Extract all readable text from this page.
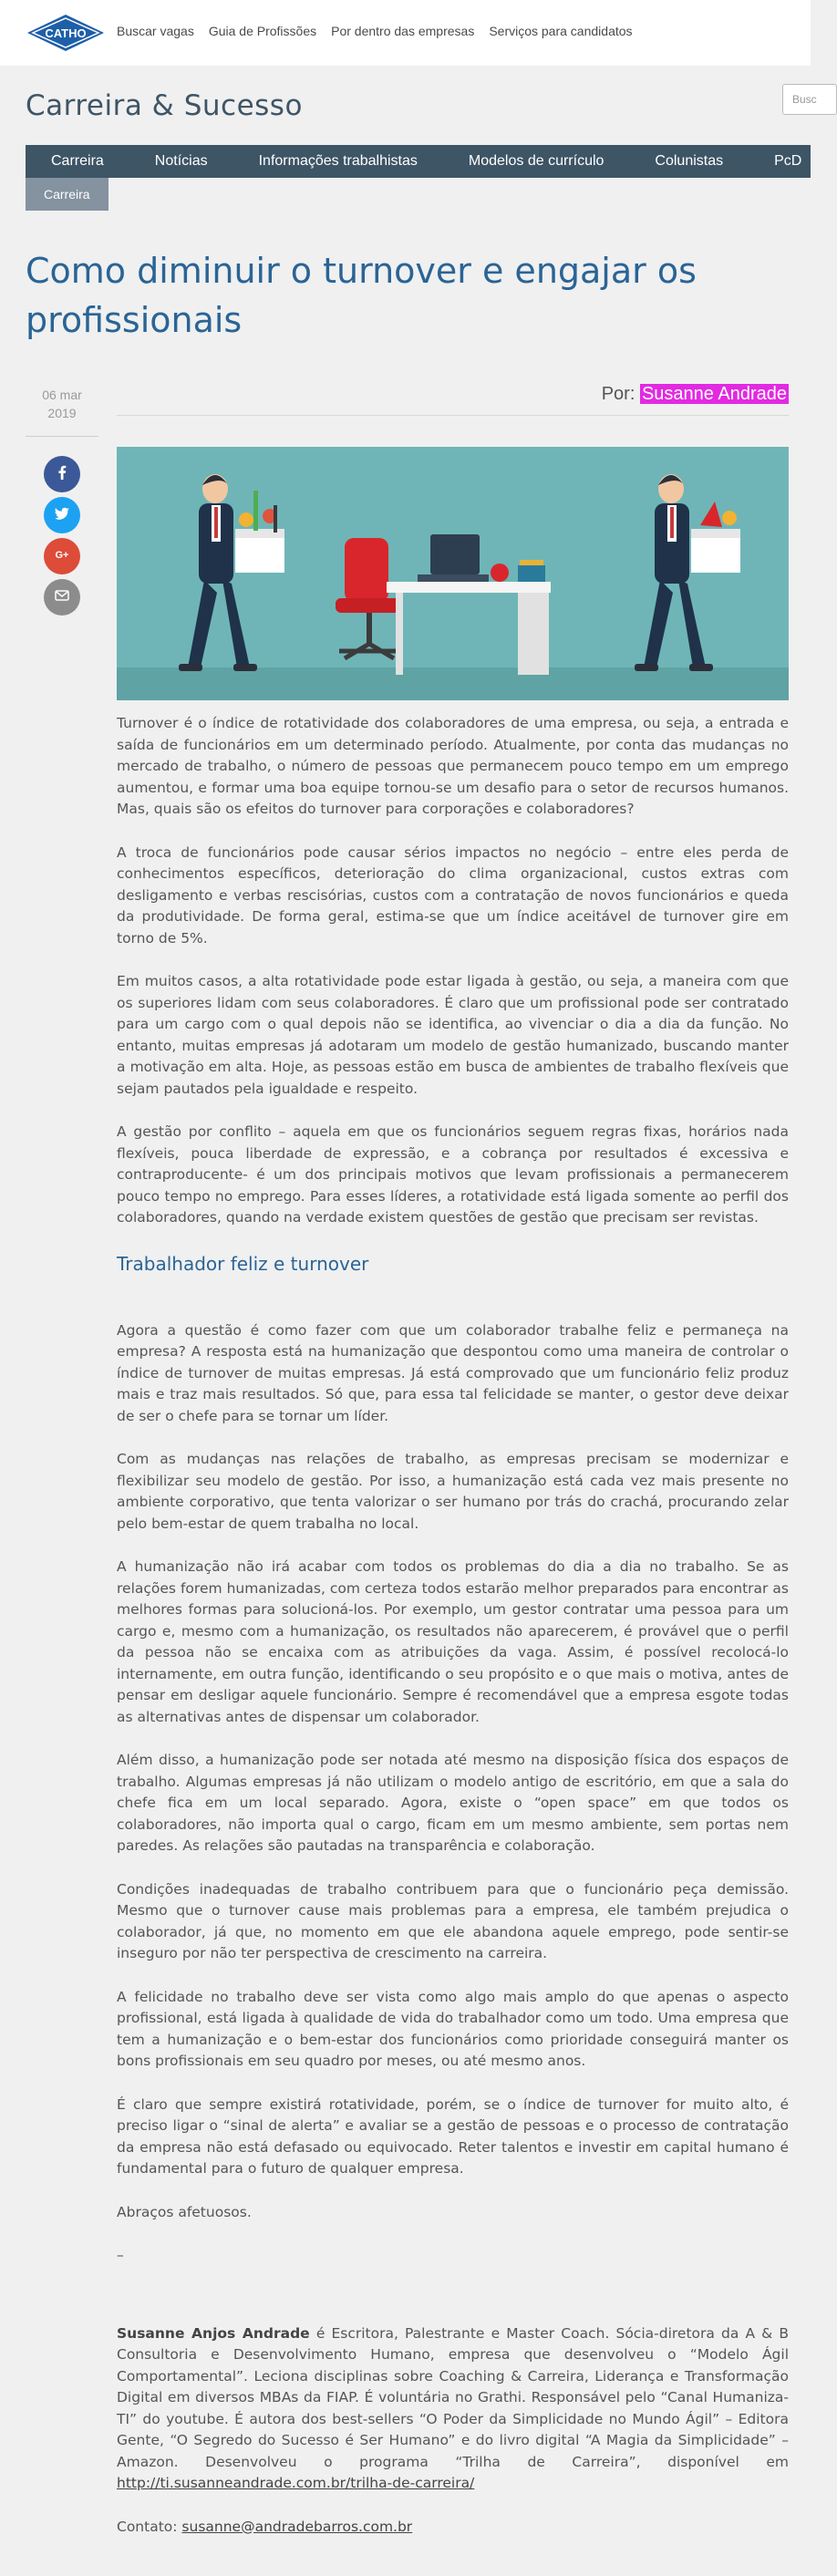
CATHO Buscar vagas Guia de Profissões Por dentro das empresas Serviços para candidatos
Carreira & Sucesso	Busc
Carreira	Notícias	Informações trabalhistas	Modelos de currículo	Colunistas	PcD
Carreira
Como diminuir o turnover e engajar os profissionais
06 mar
2019
Por: Susanne Andrade
G+

Turnover é o índice de rotatividade dos colaboradores de uma empresa, ou seja, a entrada e saída de funcionários em um determinado período. Atualmente, por conta das mudanças no mercado de trabalho, o número de pessoas que permanecem pouco tempo em um emprego aumentou, e formar uma boa equipe tornou-se um desafio para o setor de recursos humanos. Mas, quais são os efeitos do turnover para corporações e colaboradores?

A troca de funcionários pode causar sérios impactos no negócio – entre eles perda de conhecimentos específicos, deterioração do clima organizacional, custos extras com desligamento e verbas rescisórias, custos com a contratação de novos funcionários e queda da produtividade. De forma geral, estima-se que um índice aceitável de turnover gire em torno de 5%.

Em muitos casos, a alta rotatividade pode estar ligada à gestão, ou seja, a maneira com que os superiores lidam com seus colaboradores. É claro que um profissional pode ser contratado para um cargo com o qual depois não se identifica, ao vivenciar o dia a dia da função. No entanto, muitas empresas já adotaram um modelo de gestão humanizado, buscando manter a motivação em alta. Hoje, as pessoas estão em busca de ambientes de trabalho flexíveis que sejam pautados pela igualdade e respeito.

A gestão por conflito – aquela em que os funcionários seguem regras fixas, horários nada flexíveis, pouca liberdade de expressão, e a cobrança por resultados é excessiva e contraproducente- é um dos principais motivos que levam profissionais a permanecerem pouco tempo no emprego. Para esses líderes, a rotatividade está ligada somente ao perfil dos colaboradores, quando na verdade existem questões de gestão que precisam ser revistas.

Trabalhador feliz e turnover

Agora a questão é como fazer com que um colaborador trabalhe feliz e permaneça na empresa? A resposta está na humanização que despontou como uma maneira de controlar o índice de turnover de muitas empresas. Já está comprovado que um funcionário feliz produz mais e traz mais resultados. Só que, para essa tal felicidade se manter, o gestor deve deixar de ser o chefe para se tornar um líder.

Com as mudanças nas relações de trabalho, as empresas precisam se modernizar e flexibilizar seu modelo de gestão. Por isso, a humanização está cada vez mais presente no ambiente corporativo, que tenta valorizar o ser humano por trás do crachá, procurando zelar pelo bem-estar de quem trabalha no local.

A humanização não irá acabar com todos os problemas do dia a dia no trabalho. Se as relações forem humanizadas, com certeza todos estarão melhor preparados para encontrar as melhores formas para solucioná-los. Por exemplo, um gestor contratar uma pessoa para um cargo e, mesmo com a humanização, os resultados não aparecerem, é provável que o perfil da pessoa não se encaixa com as atribuições da vaga. Assim, é possível recolocá-lo internamente, em outra função, identificando o seu propósito e o que mais o motiva, antes de pensar em desligar aquele funcionário. Sempre é recomendável que a empresa esgote todas as alternativas antes de dispensar um colaborador.

Além disso, a humanização pode ser notada até mesmo na disposição física dos espaços de trabalho. Algumas empresas já não utilizam o modelo antigo de escritório, em que a sala do chefe fica em um local separado. Agora, existe o “open space” em que todos os colaboradores, não importa qual o cargo, ficam em um mesmo ambiente, sem portas nem paredes. As relações são pautadas na transparência e colaboração.

Condições inadequadas de trabalho contribuem para que o funcionário peça demissão. Mesmo que o turnover cause mais problemas para a empresa, ele também prejudica o colaborador, já que, no momento em que ele abandona aquele emprego, pode sentir-se inseguro por não ter perspectiva de crescimento na carreira.

A felicidade no trabalho deve ser vista como algo mais amplo do que apenas o aspecto profissional, está ligada à qualidade de vida do trabalhador como um todo. Uma empresa que tem a humanização e o bem-estar dos funcionários como prioridade conseguirá manter os bons profissionais em seu quadro por meses, ou até mesmo anos.

É claro que sempre existirá rotatividade, porém, se o índice de turnover for muito alto, é preciso ligar o “sinal de alerta” e avaliar se a gestão de pessoas e o processo de contratação da empresa não está defasado ou equivocado. Reter talentos e investir em capital humano é fundamental para o futuro de qualquer empresa.

Abraços afetuosos.

–

Susanne Anjos Andrade é Escritora, Palestrante e Master Coach. Sócia-diretora da A & B Consultoria e Desenvolvimento Humano, empresa que desenvolveu o “Modelo Ágil Comportamental”. Leciona disciplinas sobre Coaching & Carreira, Liderança e Transformação Digital em diversos MBAs da FIAP. É voluntária no Grathi. Responsável pelo “Canal Humaniza-TI” do youtube. É autora dos best-sellers “O Poder da Simplicidade no Mundo Ágil” – Editora Gente, “O Segredo do Sucesso é Ser Humano” e do livro digital “A Magia da Simplicidade” – Amazon. Desenvolveu o programa “Trilha de Carreira”, disponível em http://ti.susanneandrade.com.br/trilha-de-carreira/

Contato: susanne@andradebarros.com.br
